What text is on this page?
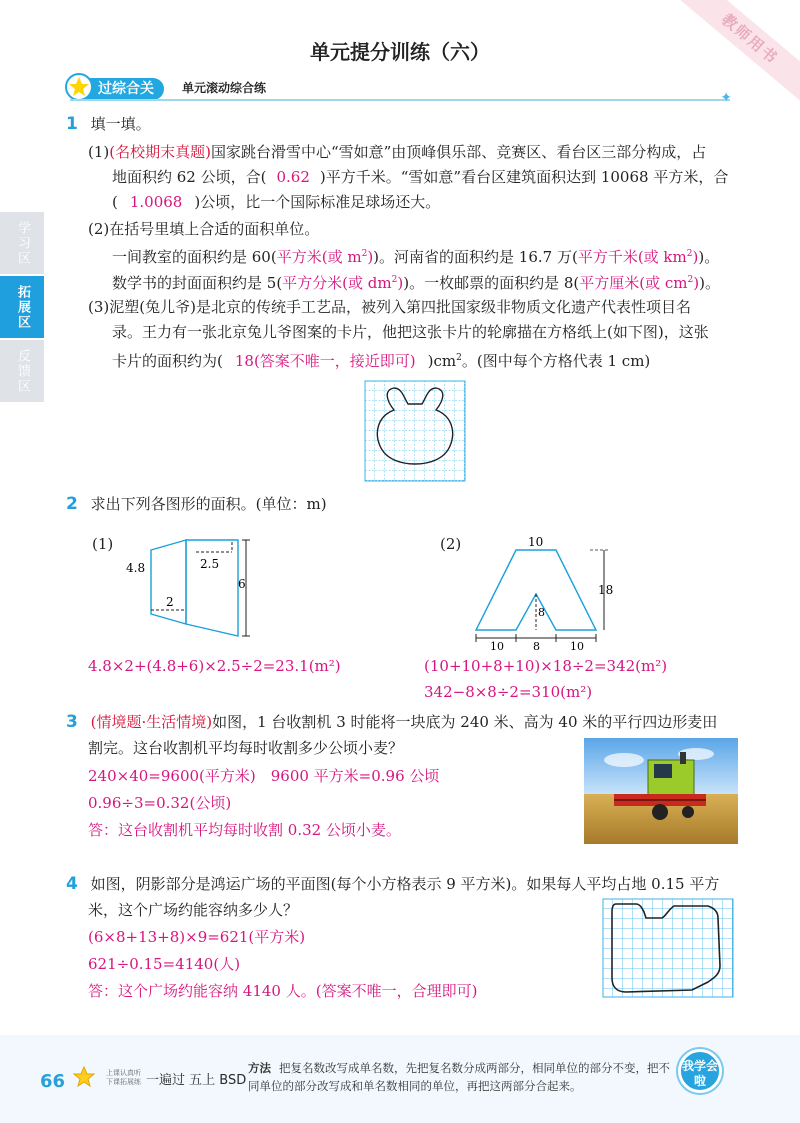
教师用书
单元提分训练（六）
过综合关	单元滚动综合练
✦
学习区
拓展区
反馈区
1 填一填。
(1)(名校期末真题)国家跳台滑雪中心“雪如意”由顶峰俱乐部、竞赛区、看台区三部分构成，占
地面积约 62 公顷，合( 0.62 )平方千米。“雪如意”看台区建筑面积达到 10068 平方米，合
( 1.0068 )公顷，比一个国际标准足球场还大。
(2)在括号里填上合适的面积单位。
一间教室的面积约是 60(平方米(或 $m^2$))。河南省的面积约是 16.7 万(平方千米(或 $km^2$))。
数学书的封面面积约是 5(平方分米(或 $dm^2$))。一枚邮票的面积约是 8(平方厘米(或 $cm^2$))。
(3)泥塑(兔儿爷)是北京的传统手工艺品，被列入第四批国家级非物质文化遗产代表性项目名
录。王力有一张北京兔儿爷图案的卡片，他把这张卡片的轮廓描在方格纸上(如下图)，这张
卡片的面积约为( 18(答案不唯一，接近即可) )$cm^2$。(图中每个方格代表 1 cm)
2 求出下列各图形的面积。(单位：m)
(1)
4.8	2.5
6
2
(2)	10
18
8
10	8	10
4.8×2+(4.8+6)×2.5÷2=23.1(m²)	(10+10+8+10)×18÷2=342(m²)
342−8×8÷2=310(m²)
3 (情境题·生活情境)如图，1 台收割机 3 时能将一块底为 240 米、高为 40 米的平行四边形麦田
割完。这台收割机平均每时收割多少公顷小麦？
240×40=9600(平方米)　9600 平方米=0.96 公顷
0.96÷3=0.32(公顷)
答：这台收割机平均每时收割 0.32 公顷小麦。
4 如图，阴影部分是鸿运广场的平面图(每个小方格表示 9 平方米)。如果每人平均占地 0.15 平方
米，这个广场约能容纳多少人？
(6×8+13+8)×9=621(平方米)
621÷0.15=4140(人)
答：这个广场约能容纳 4140 人。(答案不唯一，合理即可)
66	上课认真听
下课拓展练 一遍过 五上 BSD
方法 把复名数改写成单名数，先把复名数分成两部分，相同单位的部分不变，把不同单位的部分改写成和单名数相同的单位，再把这两部分合起来。
我学会啦
